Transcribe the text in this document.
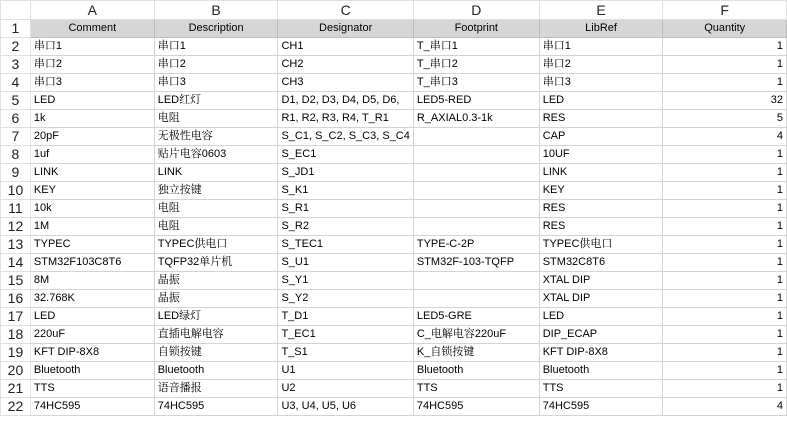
	A	B	C	D	E	F
1	Comment	Description	Designator	Footprint	LibRef	Quantity
2	串口1	串口1	CH1	T_串口1	串口1	1
3	串口2	串口2	CH2	T_串口2	串口2	1
4	串口3	串口3	CH3	T_串口3	串口3	1
5	LED	LED红灯	D1, D2, D3, D4, D5, D6,	LED5-RED	LED	32
6	1k	电阻	R1, R2, R3, R4, T_R1	R_AXIAL0.3-1k	RES	5
7	20pF	无极性电容	S_C1, S_C2, S_C3, S_C4		CAP	4
8	1uf	贴片电容0603	S_EC1		10UF	1
9	LINK	LINK	S_JD1		LINK	1
10	KEY	独立按键	S_K1		KEY	1
11	10k	电阻	S_R1		RES	1
12	1M	电阻	S_R2		RES	1
13	TYPEC	TYPEC供电口	S_TEC1	TYPE-C-2P	TYPEC供电口	1
14	STM32F103C8T6	TQFP32单片机	S_U1	STM32F-103-TQFP	STM32C8T6	1
15	8M	晶振	S_Y1		XTAL DIP	1
16	32.768K	晶振	S_Y2		XTAL DIP	1
17	LED	LED绿灯	T_D1	LED5-GRE	LED	1
18	220uF	直插电解电容	T_EC1	C_电解电容220uF	DIP_ECAP	1
19	KFT DIP-8X8	自锁按键	T_S1	K_自锁按键	KFT DIP-8X8	1
20	Bluetooth	Bluetooth	U1	Bluetooth	Bluetooth	1
21	TTS	语音播报	U2	TTS	TTS	1
22	74HC595	74HC595	U3, U4, U5, U6	74HC595	74HC595	4
